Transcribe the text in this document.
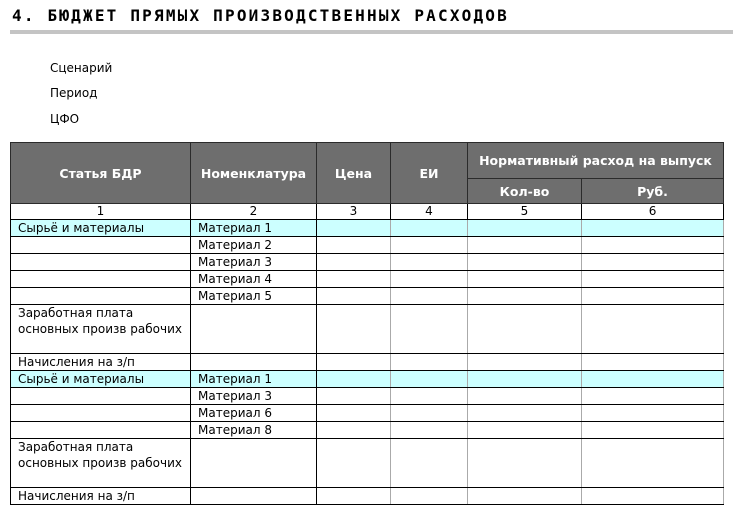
4. БЮДЖЕТ ПРЯМЫХ ПРОИЗВОДСТВЕННЫХ РАСХОДОВ
Сценарий
Период
ЦФО
Статья БДР	Номенклатура	Цена	ЕИ	Нормативный расход на выпуск	
				Кол-во	Руб.
1	2	3	4	5	6
Сырьё и материалы	Материал 1				
	Материал 2				
	Материал 3				
	Материал 4				
	Материал 5				
Заработная плата основных произв рабочих					
Начисления на з/п					
Сырьё и материалы	Материал 1				
	Материал 3				
	Материал 6				
	Материал 8				
Заработная плата основных произв рабочих					
Начисления на з/п					
